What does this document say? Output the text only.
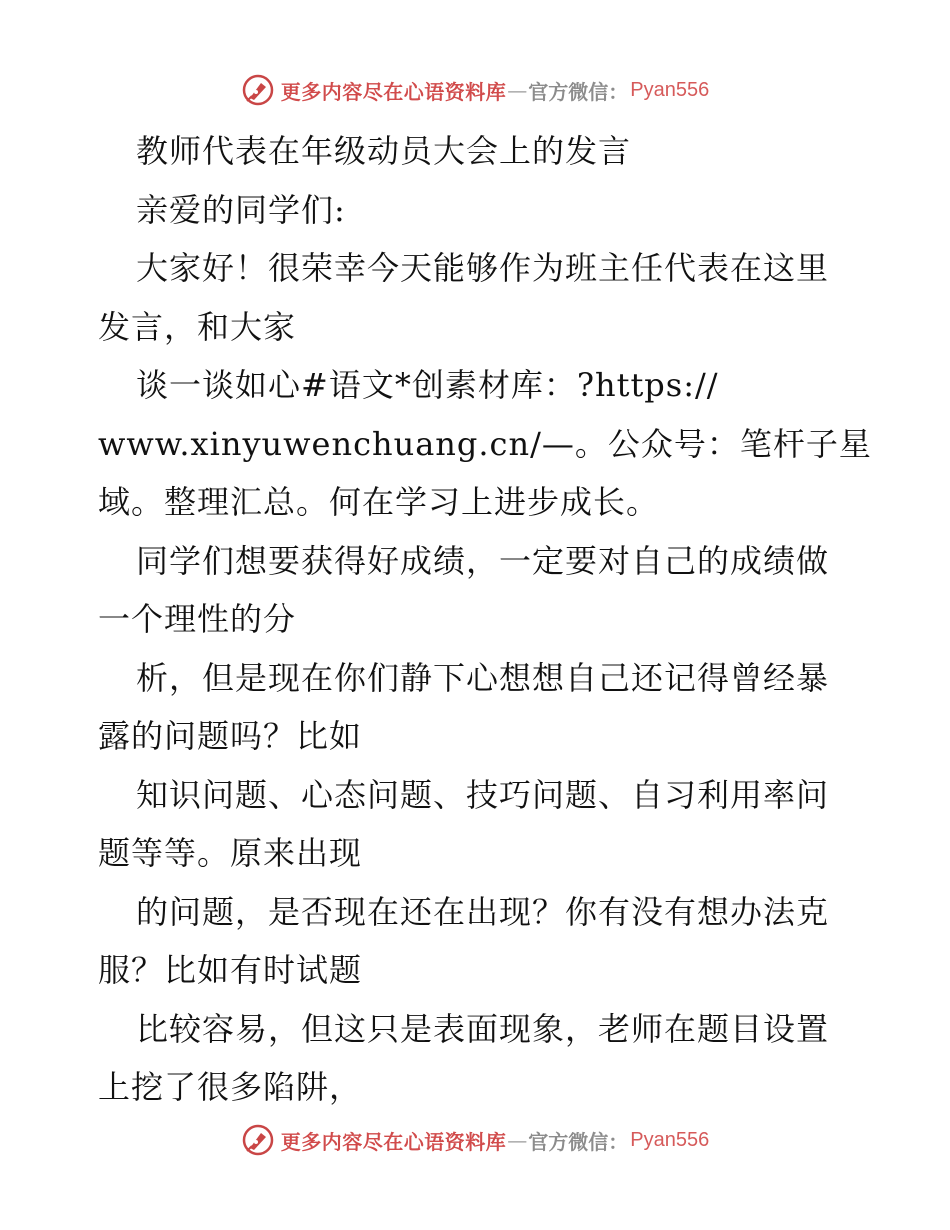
更多内容尽在心语资料库 — 官方微信： Pyan556
教师代表在年级动员大会上的发言
亲爱的同学们:
大家好！很荣幸今天能够作为班主任代表在这里
发言，和大家
谈一谈如心#语文*创素材库：?https://
www.xinyuwenchuang.cn/—。公众号：笔杆子星
域。整理汇总。何在学习上进步成长。
同学们想要获得好成绩，一定要对自己的成绩做
一个理性的分
析，但是现在你们静下心想想自己还记得曾经暴
露的问题吗？比如
知识问题、心态问题、技巧问题、自习利用率问
题等等。原来出现
的问题，是否现在还在出现？你有没有想办法克
服？比如有时试题
比较容易，但这只是表面现象，老师在题目设置
上挖了很多陷阱，
更多内容尽在心语资料库 — 官方微信： Pyan556
